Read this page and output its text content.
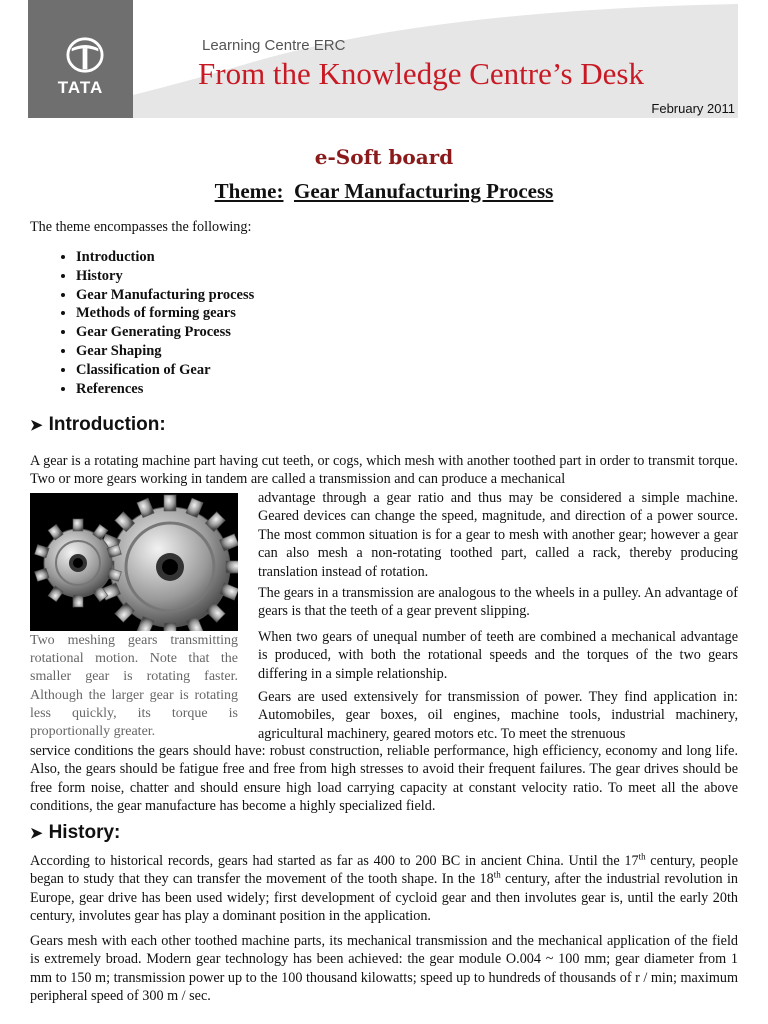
TATA
Learning Centre ERC
From the Knowledge Centre’s Desk
February 2011
e-Soft board
Theme: Gear Manufacturing Process

The theme encompasses the following:

• Introduction
• History
• Gear Manufacturing process
• Methods of forming gears
• Gear Generating Process
• Gear Shaping
• Classification of Gear
• References
➤ Introduction:

A gear is a rotating machine part having cut teeth, or cogs, which mesh with another toothed part in order to transmit torque. Two or more gears working in tandem are called a transmission and can produce a mechanical

advantage through a gear ratio and thus may be considered a simple machine. Geared devices can change the speed, magnitude, and direction of a power source. The most common situation is for a gear to mesh with another gear; however a gear can also mesh a non-rotating toothed part, called a rack, thereby producing translation instead of rotation.

Two meshing gears transmitting rotational motion. Note that the smaller gear is rotating faster. Although the larger gear is rotating less quickly, its torque is proportionally greater.

The gears in a transmission are analogous to the wheels in a pulley. An advantage of gears is that the teeth of a gear prevent slipping.

When two gears of unequal number of teeth are combined a mechanical advantage is produced, with both the rotational speeds and the torques of the two gears differing in a simple relationship.

Gears are used extensively for transmission of power. They find application in: Automobiles, gear boxes, oil engines, machine tools, industrial machinery, agricultural machinery, geared motors etc. To meet the strenuous

service conditions the gears should have: robust construction, reliable performance, high efficiency, economy and long life. Also, the gears should be fatigue free and free from high stresses to avoid their frequent failures. The gear drives should be free form noise, chatter and should ensure high load carrying capacity at constant velocity ratio. To meet all the above conditions, the gear manufacture has become a highly specialized field.

➤ History:

According to historical records, gears had started as far as 400 to 200 BC in ancient China. Until the 17th century, people began to study that they can transfer the movement of the tooth shape. In the 18th century, after the industrial revolution in Europe, gear drive has been used widely; first development of cycloid gear and then involutes gear is, until the early 20th century, involutes gear has play a dominant position in the application.

Gears mesh with each other toothed machine parts, its mechanical transmission and the mechanical application of the field is extremely broad. Modern gear technology has been achieved: the gear module O.004 ~ 100 mm; gear diameter from 1 mm to 150 m; transmission power up to the 100 thousand kilowatts; speed up to hundreds of thousands of r / min; maximum peripheral speed of 300 m / sec.
